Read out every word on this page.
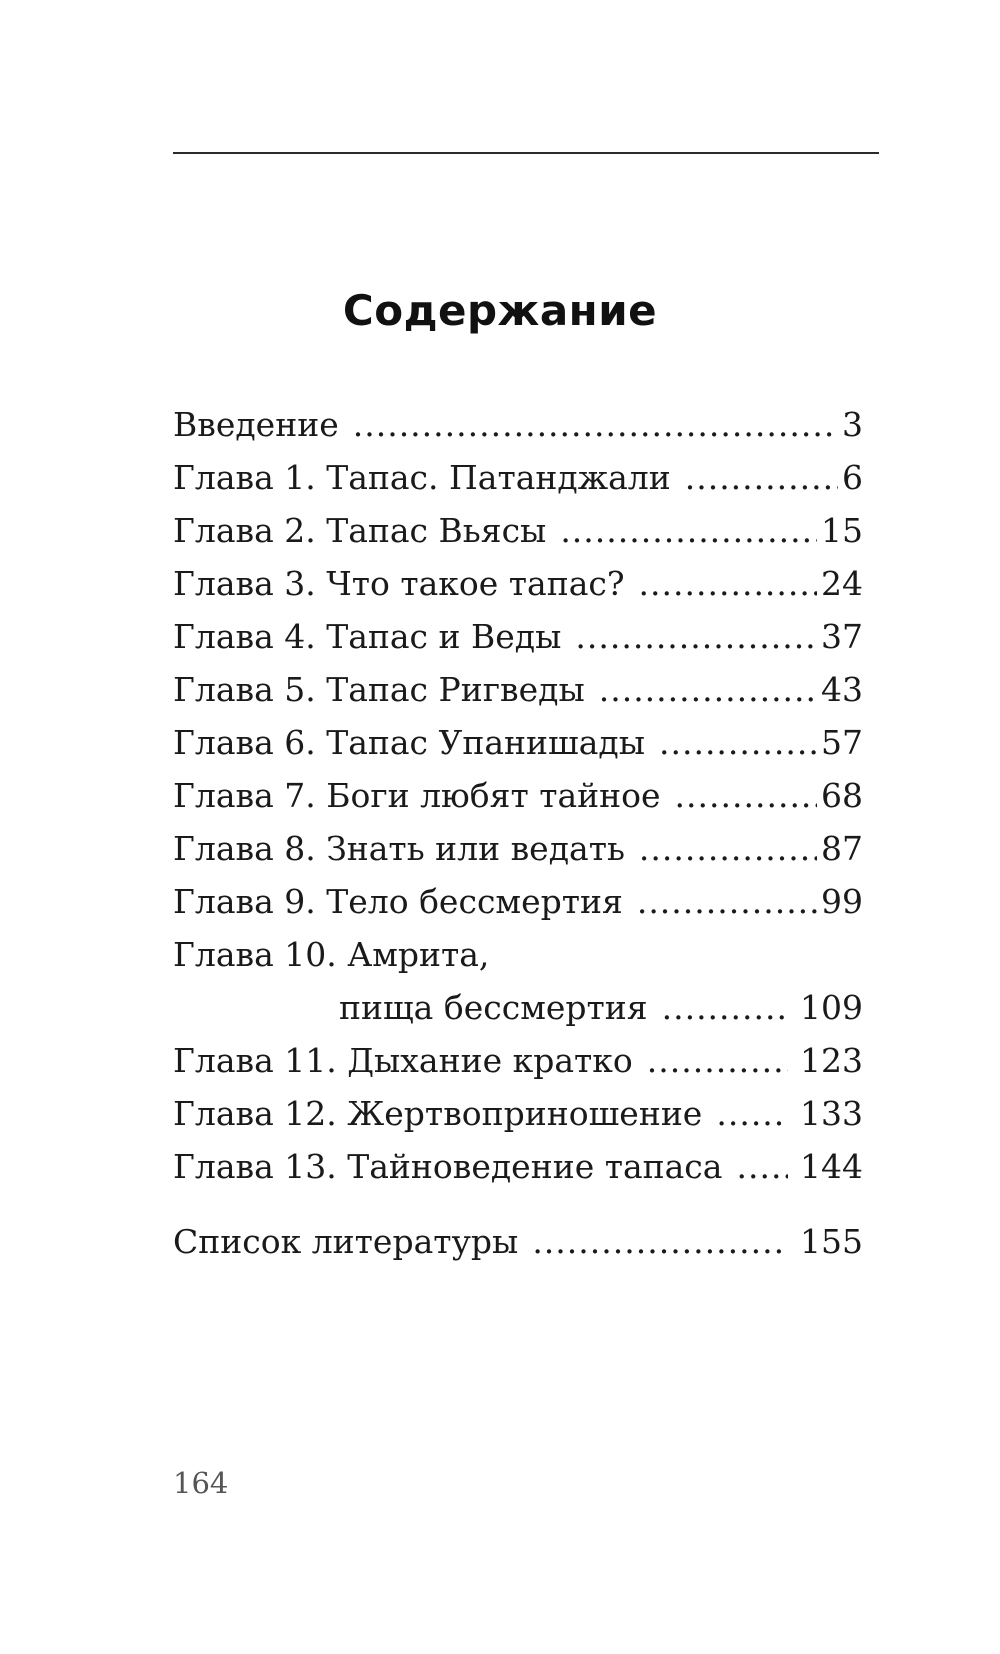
Содержание
Введение .....	3
Глава 1. Тапас. Патанджали .....	6
Глава 2. Тапас Вьясы .....	15
Глава 3. Что такое тапас? .....	24
Глава 4. Тапас и Веды .....	37
Глава 5. Тапас Ригведы .....	43
Глава 6. Тапас Упанишады .....	57
Глава 7. Боги любят тайное .....	68
Глава 8. Знать или ведать .....	87
Глава 9. Тело бессмертия .....	99
Глава 10. Амрита,
пища бессмертия .....	109
Глава 11. Дыхание кратко .....	123
Глава 12. Жертвоприношение .....	133
Глава 13. Тайноведение тапаса ..... 144
Список литературы .....	155
164
